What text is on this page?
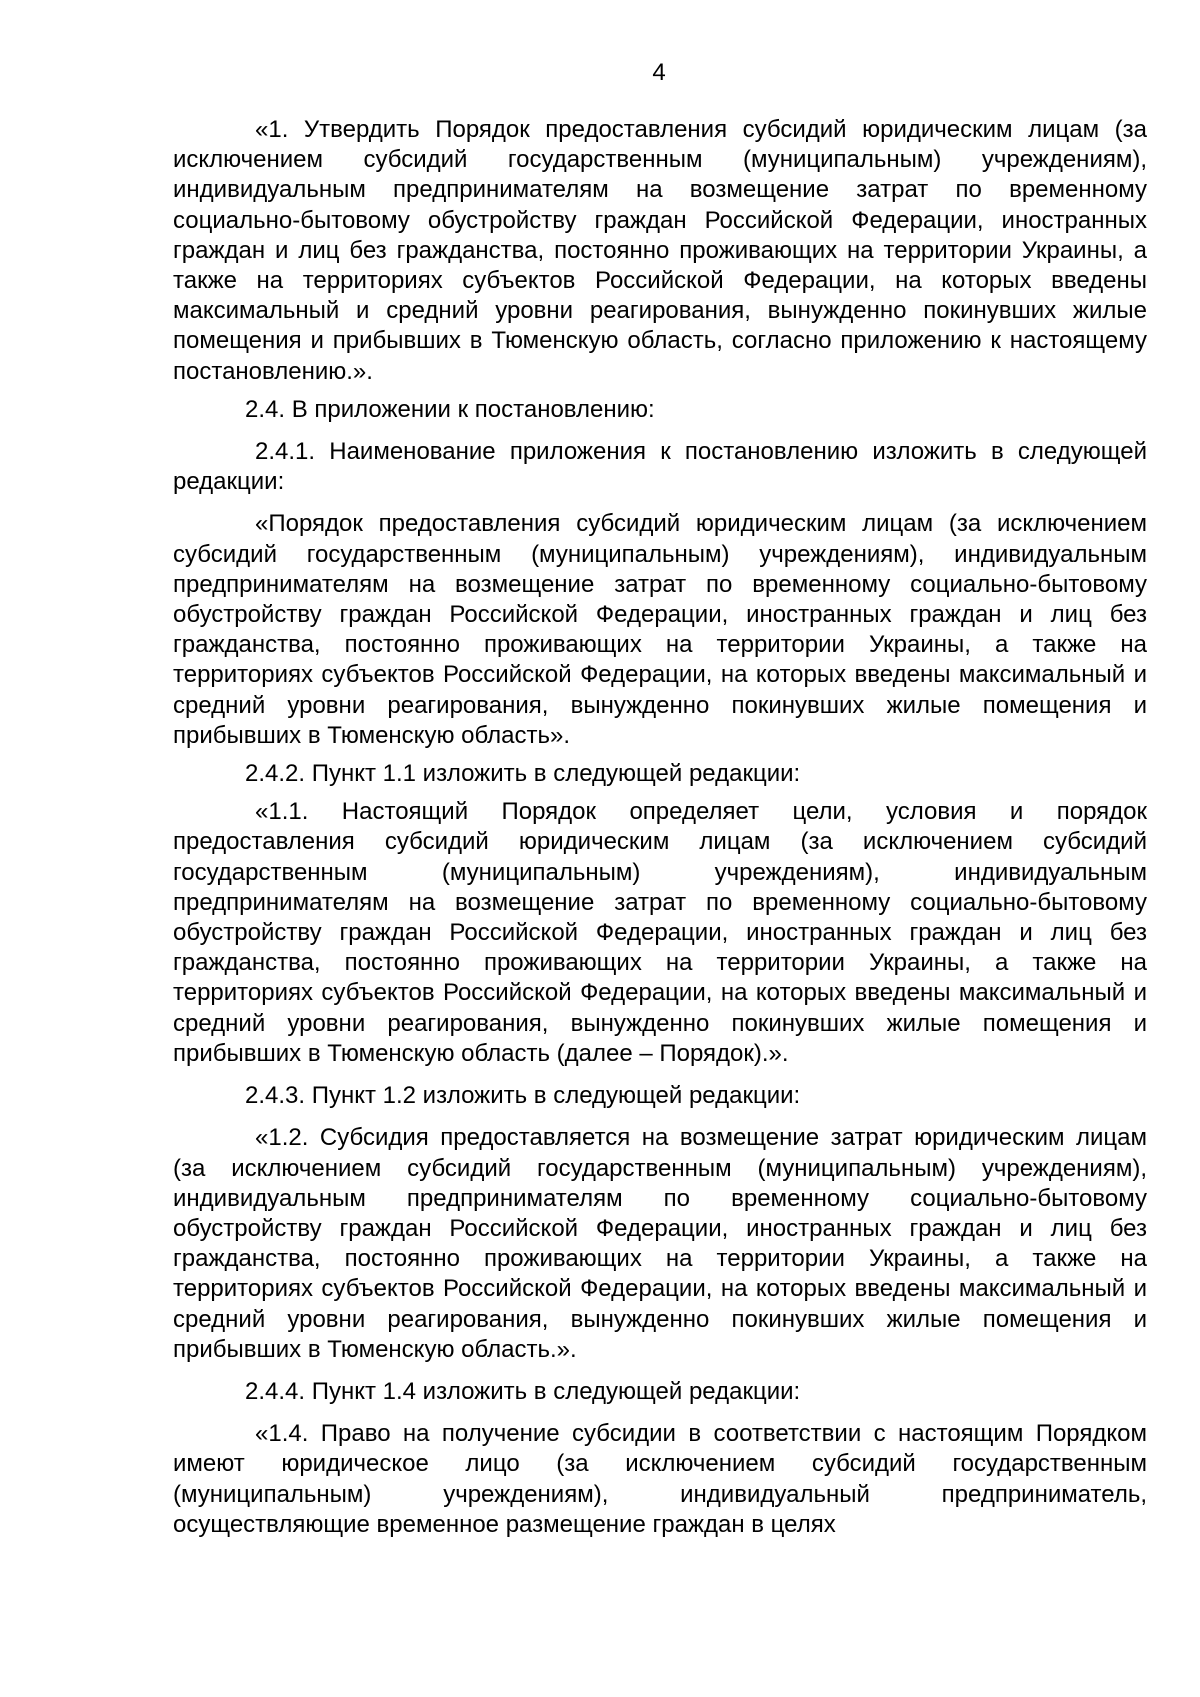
4

«1. Утвердить Порядок предоставления субсидий юридическим лицам (за исключением субсидий государственным (муниципальным) учреждениям), индивидуальным предпринимателям на возмещение затрат по временному социально-бытовому обустройству граждан Российской Федерации, иностранных граждан и лиц без гражданства, постоянно проживающих на территории Украины, а также на территориях субъектов Российской Федерации, на которых введены максимальный и средний уровни реагирования, вынужденно покинувших жилые помещения и прибывших в Тюменскую область, согласно приложению к настоящему постановлению.».

2.4. В приложении к постановлению:

2.4.1. Наименование приложения к постановлению изложить в следующей редакции:

«Порядок предоставления субсидий юридическим лицам (за исключением субсидий государственным (муниципальным) учреждениям), индивидуальным предпринимателям на возмещение затрат по временному социально-бытовому обустройству граждан Российской Федерации, иностранных граждан и лиц без гражданства, постоянно проживающих на территории Украины, а также на территориях субъектов Российской Федерации, на которых введены максимальный и средний уровни реагирования, вынужденно покинувших жилые помещения и прибывших в Тюменскую область».

2.4.2. Пункт 1.1 изложить в следующей редакции:

«1.1. Настоящий Порядок определяет цели, условия и порядок предоставления субсидий юридическим лицам (за исключением субсидий государственным (муниципальным) учреждениям), индивидуальным предпринимателям на возмещение затрат по временному социально-бытовому обустройству граждан Российской Федерации, иностранных граждан и лиц без гражданства, постоянно проживающих на территории Украины, а также на территориях субъектов Российской Федерации, на которых введены максимальный и средний уровни реагирования, вынужденно покинувших жилые помещения и прибывших в Тюменскую область (далее – Порядок).».

2.4.3. Пункт 1.2 изложить в следующей редакции:

«1.2. Субсидия предоставляется на возмещение затрат юридическим лицам (за исключением субсидий государственным (муниципальным) учреждениям), индивидуальным предпринимателям по временному социально-бытовому обустройству граждан Российской Федерации, иностранных граждан и лиц без гражданства, постоянно проживающих на территории Украины, а также на территориях субъектов Российской Федерации, на которых введены максимальный и средний уровни реагирования, вынужденно покинувших жилые помещения и прибывших в Тюменскую область.».

2.4.4. Пункт 1.4 изложить в следующей редакции:

«1.4. Право на получение субсидии в соответствии с настоящим Порядком имеют юридическое лицо (за исключением субсидий государственным (муниципальным) учреждениям), индивидуальный предприниматель, осуществляющие временное размещение граждан в целях
